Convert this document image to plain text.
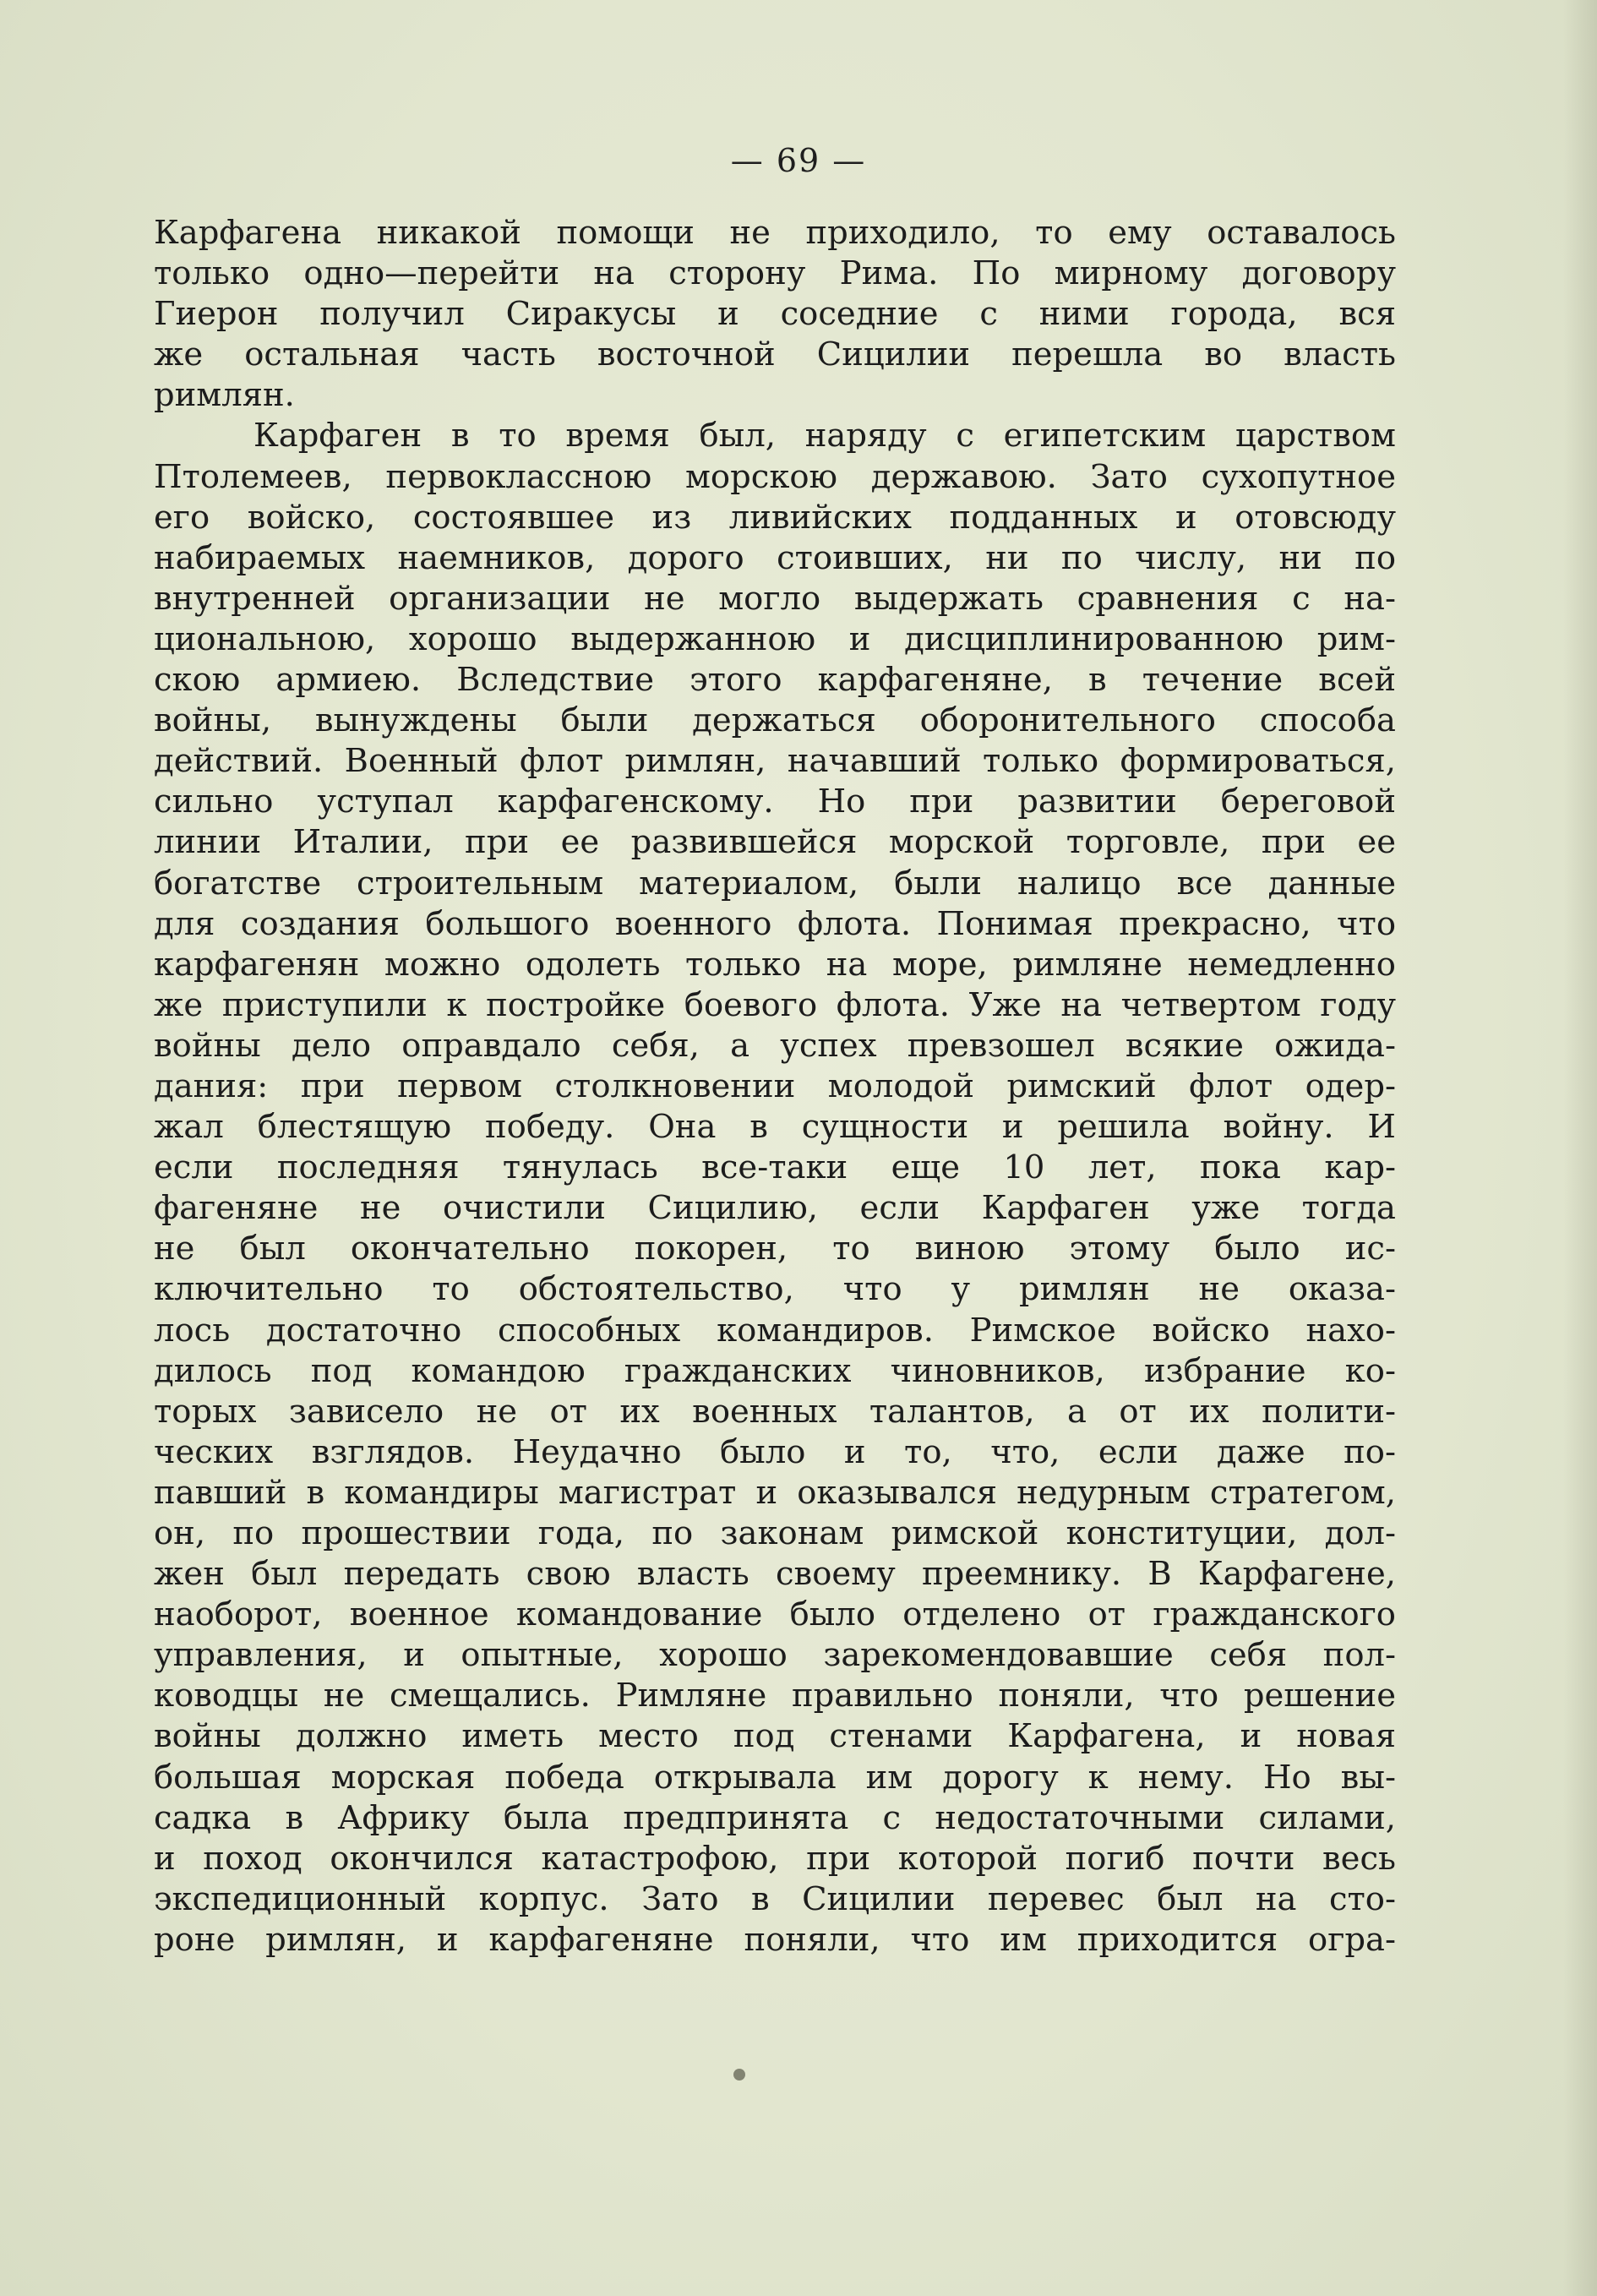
— 69 —
Карфагена никакой помощи не приходило, то ему оставалось
только одно—перейти на сторону Рима. По мирному договору
Гиерон получил Сиракусы и соседние с ними города, вся
же остальная часть восточной Сицилии перешла во власть
римлян.
Карфаген в то время был, наряду с египетским царством
Птолемеев, первоклассною морскою державою. Зато сухопутное
его войско, состоявшее из ливийских подданных и отовсюду
набираемых наемников, дорого стоивших, ни по числу, ни по
внутренней организации не могло выдержать сравнения с на-
циональною, хорошо выдержанною и дисциплинированною рим-
скою армиею. Вследствие этого карфагеняне, в течение всей
войны, вынуждены были держаться оборонительного способа
действий. Военный флот римлян, начавший только формироваться,
сильно уступал карфагенскому. Но при развитии береговой
линии Италии, при ее развившейся морской торговле, при ее
богатстве строительным материалом, были налицо все данные
для создания большого военного флота. Понимая прекрасно, что
карфагенян можно одолеть только на море, римляне немедленно
же приступили к постройке боевого флота. Уже на четвертом году
войны дело оправдало себя, а успех превзошел всякие ожида-
дания: при первом столкновении молодой римский флот одер-
жал блестящую победу. Она в сущности и решила войну. И
если последняя тянулась все-таки еще 10 лет, пока кар-
фагеняне не очистили Сицилию, если Карфаген уже тогда
не был окончательно покорен, то виною этому было ис-
ключительно то обстоятельство, что у римлян не оказа-
лось достаточно способных командиров. Римское войско нахо-
дилось под командою гражданских чиновников, избрание ко-
торых зависело не от их военных талантов, а от их полити-
ческих взглядов. Неудачно было и то, что, если даже по-
павший в командиры магистрат и оказывался недурным стратегом,
он, по прошествии года, по законам римской конституции, дол-
жен был передать свою власть своему преемнику. В Карфагене,
наоборот, военное командование было отделено от гражданского
управления, и опытные, хорошо зарекомендовавшие себя пол-
ководцы не смещались. Римляне правильно поняли, что решение
войны должно иметь место под стенами Карфагена, и новая
большая морская победа открывала им дорогу к нему. Но вы-
садка в Африку была предпринята с недостаточными силами,
и поход окончился катастрофою, при которой погиб почти весь
экспедиционный корпус. Зато в Сицилии перевес был на сто-
роне римлян, и карфагеняне поняли, что им приходится огра-
